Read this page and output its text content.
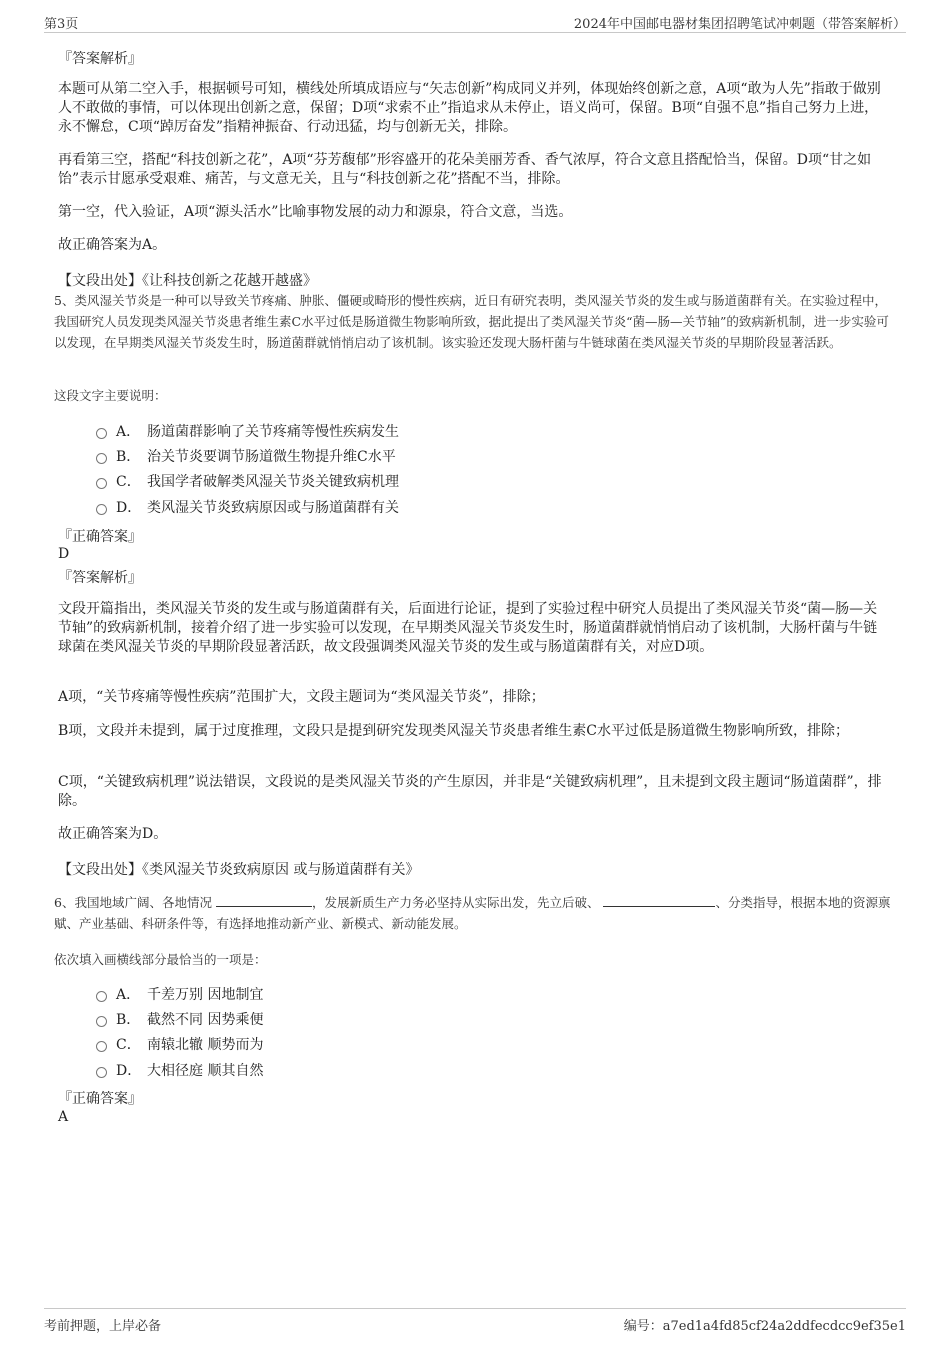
第3页	2024年中国邮电器材集团招聘笔试冲刺题（带答案解析）
『答案解析』

本题可从第二空入手，根据顿号可知，横线处所填成语应与“矢志创新”构成同义并列，体现始终创新之意，A项“敢为人先”指敢于做别人不敢做的事情，可以体现出创新之意，保留；D项“求索不止”指追求从未停止，语义尚可，保留。B项“自强不息”指自己努力上进，永不懈怠，C项“踔厉奋发”指精神振奋、行动迅猛，均与创新无关，排除。

再看第三空，搭配“科技创新之花”，A项“芬芳馥郁”形容盛开的花朵美丽芳香、香气浓厚，符合文意且搭配恰当，保留。D项“甘之如饴”表示甘愿承受艰难、痛苦，与文意无关，且与“科技创新之花”搭配不当，排除。

第一空，代入验证，A项“源头活水”比喻事物发展的动力和源泉，符合文意，当选。

故正确答案为A。

【文段出处】《让科技创新之花越开越盛》

5、类风湿关节炎是一种可以导致关节疼痛、肿胀、僵硬或畸形的慢性疾病，近日有研究表明，类风湿关节炎的发生或与肠道菌群有关。在实验过程中，我国研究人员发现类风湿关节炎患者维生素C水平过低是肠道微生物影响所致，据此提出了类风湿关节炎“菌—肠—关节轴”的致病新机制，进一步实验可以发现，在早期类风湿关节炎发生时，肠道菌群就悄悄启动了该机制。该实验还发现大肠杆菌与牛链球菌在类风湿关节炎的早期阶段显著活跃。

这段文字主要说明：
A． 肠道菌群影响了关节疼痛等慢性疾病发生
B． 治关节炎要调节肠道微生物提升维C水平
C． 我国学者破解类风湿关节炎关键致病机理
D． 类风湿关节炎致病原因或与肠道菌群有关
『正确答案』
D
『答案解析』

文段开篇指出，类风湿关节炎的发生或与肠道菌群有关，后面进行论证，提到了实验过程中研究人员提出了类风湿关节炎“菌—肠—关节轴”的致病新机制，接着介绍了进一步实验可以发现，在早期类风湿关节炎发生时，肠道菌群就悄悄启动了该机制，大肠杆菌与牛链球菌在类风湿关节炎的早期阶段显著活跃，故文段强调类风湿关节炎的发生或与肠道菌群有关，对应D项。

A项，“关节疼痛等慢性疾病”范围扩大，文段主题词为“类风湿关节炎”，排除；

B项，文段并未提到，属于过度推理，文段只是提到研究发现类风湿关节炎患者维生素C水平过低是肠道微生物影响所致，排除；

C项，“关键致病机理”说法错误，文段说的是类风湿关节炎的产生原因，并非是“关键致病机理”，且未提到文段主题词“肠道菌群”，排除。

故正确答案为D。

【文段出处】《类风湿关节炎致病原因 或与肠道菌群有关》

6、我国地域广阔、各地情况	，发展新质生产力务必坚持从实际出发，先立后破、	、分类指导，根据本地的资源禀赋、产业基础、科研条件等，有选择地推动新产业、新模式、新动能发展。

依次填入画横线部分最恰当的一项是：
A． 千差万别 因地制宜
B． 截然不同 因势乘便
C． 南辕北辙 顺势而为
D． 大相径庭 顺其自然
『正确答案』
A
考前押题，上岸必备	编号：a7ed1a4fd85cf24a2ddfecdcc9ef35e1
